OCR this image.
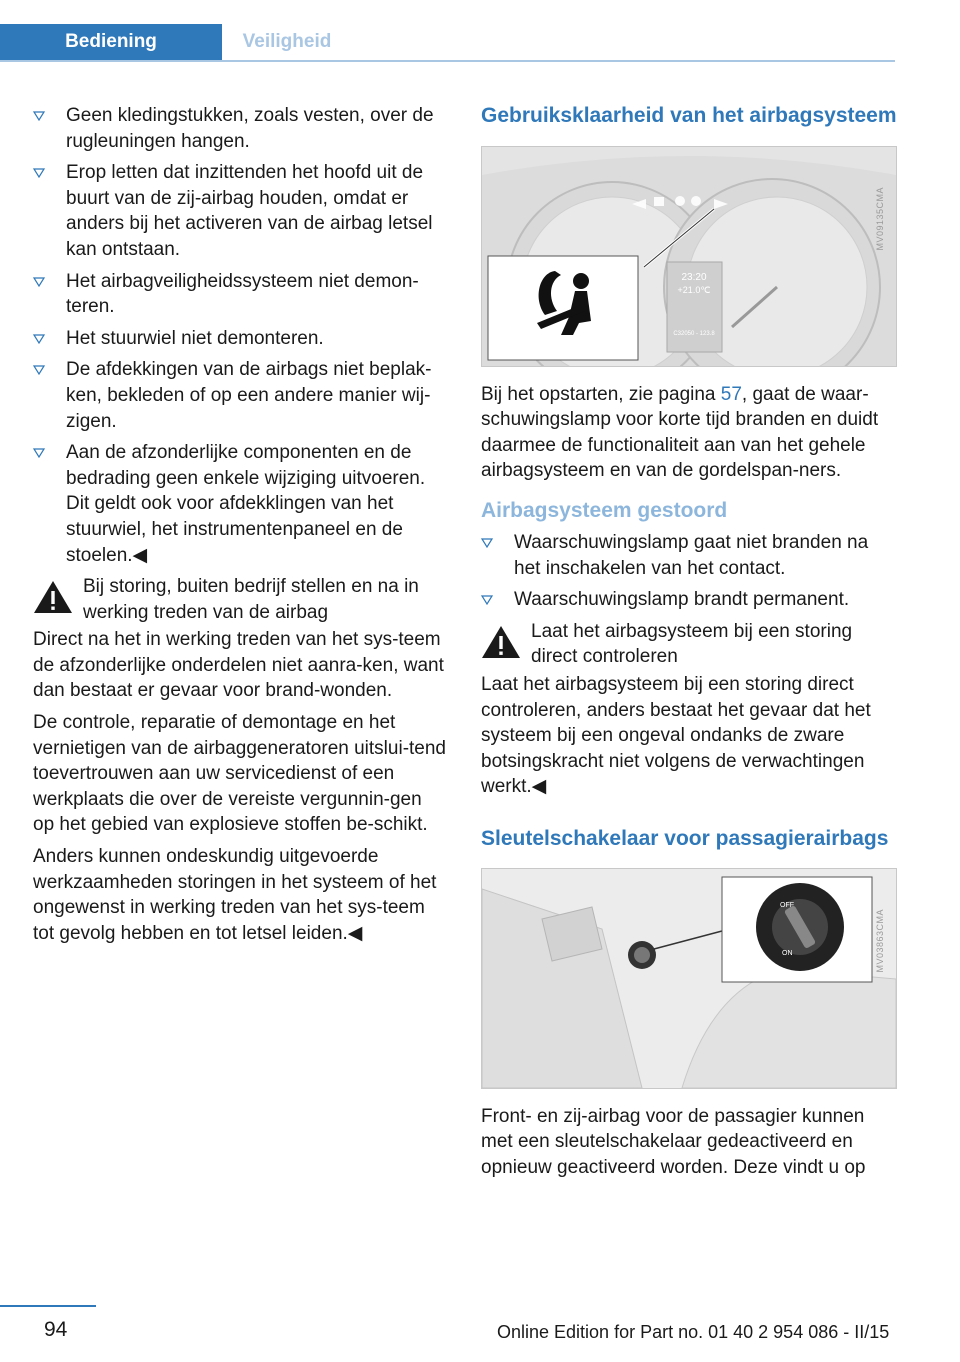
Bediening	Veiligheid
Geen kledingstukken, zoals vesten, over de rugleuningen hangen.
Erop letten dat inzittenden het hoofd uit de buurt van de zij-airbag houden, omdat er anders bij het activeren van de airbag letsel kan ontstaan.
Het airbagveiligheidssysteem niet demon‐teren.
Het stuurwiel niet demonteren.
De afdekkingen van de airbags niet beplak‐ken, bekleden of op een andere manier wij‐zigen.
Aan de afzonderlijke componenten en de bedrading geen enkele wijziging uitvoeren. Dit geldt ook voor afdekklingen van het stuurwiel, het instrumentenpaneel en de stoelen.◀
Bij storing, buiten bedrijf stellen en na in werking treden van de airbag

Direct na het in werking treden van het sys‐teem de afzonderlijke onderdelen niet aanra‐ken, want dan bestaat er gevaar voor brand‐wonden.

De controle, reparatie of demontage en het vernietigen van de airbaggeneratoren uitslui‐tend toevertrouwen aan uw servicedienst of een werkplaats die over de vereiste vergunnin‐gen op het gebied van explosieve stoffen be‐schikt.

Anders kunnen ondeskundig uitgevoerde werkzaamheden storingen in het systeem of het ongewenst in werking treden van het sys‐teem tot gevolg hebben en tot letsel leiden.◀

Gebruiksklaarheid van het airbagsysteem
23:20
+21.0℃
C32050 - 123.8
MV09135CMA

Bij het opstarten, zie pagina 57, gaat de waar‐schuwingslamp voor korte tijd branden en duidt daarmee de functionaliteit aan van het gehele airbagsysteem en van de gordelspan‐ners.

Airbagsysteem gestoord
Waarschuwingslamp gaat niet branden na het inschakelen van het contact.
Waarschuwingslamp brandt permanent.
Laat het airbagsysteem bij een storing direct controleren

Laat het airbagsysteem bij een storing direct controleren, anders bestaat het gevaar dat het systeem bij een ongeval ondanks de zware botsingskracht niet volgens de verwachtingen werkt.◀

Sleutelschakelaar voor passagierairbags
OFF
ON	MV03863CMA

Front- en zij-airbag voor de passagier kunnen met een sleutelschakelaar gedeactiveerd en opnieuw geactiveerd worden. Deze vindt u op

94	Online Edition for Part no. 01 40 2 954 086 - II/15
